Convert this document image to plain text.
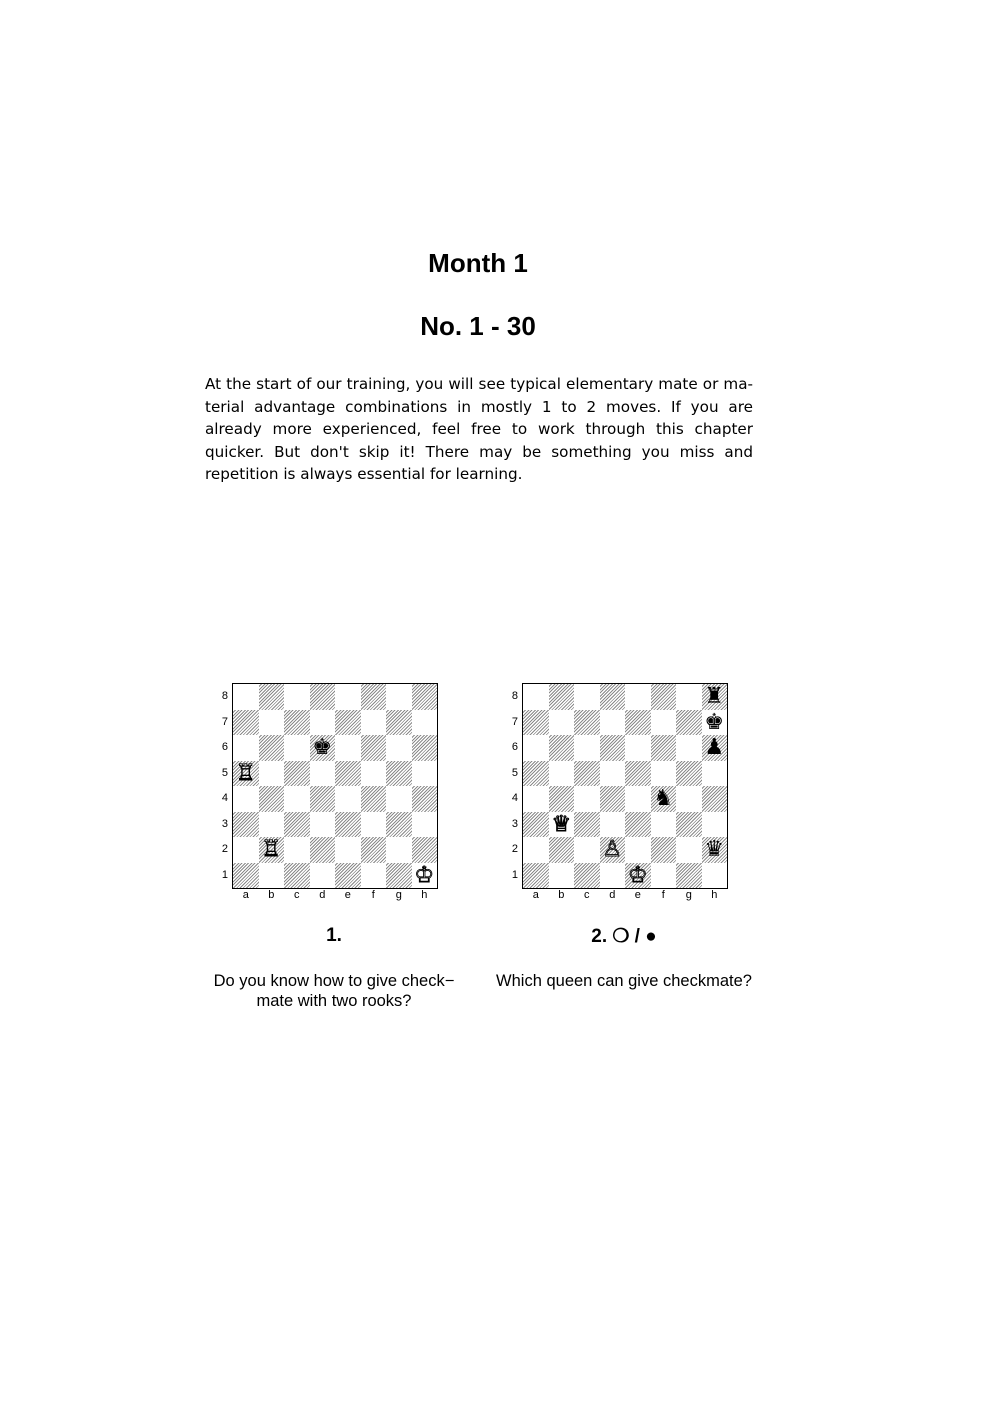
Month 1
No. 1 - 30
At the start of our training, you will see typical elementary mate or material advantage combinations in mostly 1 to 2 moves. If you are already more experienced, feel free to work through this chapter quicker. But don't skip it! There may be something you miss and repetition is always essential for learning.
♚
♖
♖
♔
8
7
6
5
4
3
2
1
a	b	c	d	e	f	g	h
1.
Do you know how to give check−
mate with two rooks?
♜
♚
♟
♞
♕
♙	♛
♔
8
7
6
5
4
3
2
1
a	b	c	d	e	f	g	h
2. ❍ / ●
Which queen can give checkmate?
